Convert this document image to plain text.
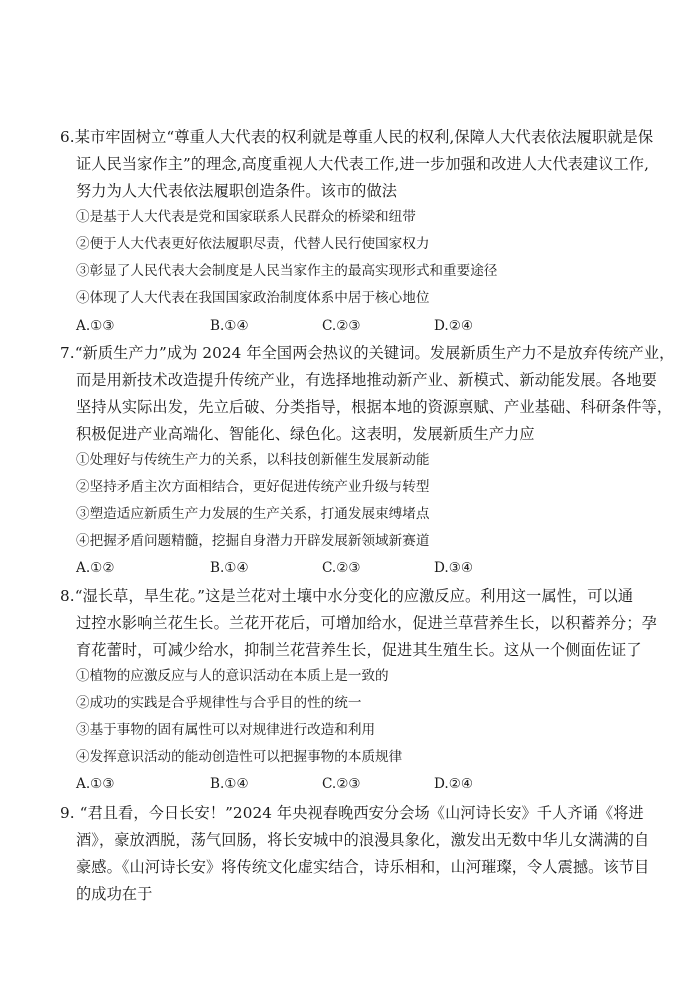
6.某市牢固树立“尊重人大代表的权利就是尊重人民的权利,保障人大代表依法履职就是保
证人民当家作主”的理念,高度重视人大代表工作,进一步加强和改进人大代表建议工作,
努力为人大代表依法履职创造条件。该市的做法
①是基于人大代表是党和国家联系人民群众的桥梁和纽带
②便于人大代表更好依法履职尽责，代替人民行使国家权力
③彰显了人民代表大会制度是人民当家作主的最高实现形式和重要途径
④体现了人大代表在我国国家政治制度体系中居于核心地位
A.①③	B.①④	C.②③	D.②④
7.“新质生产力”成为 2024 年全国两会热议的关键词。发展新质生产力不是放弃传统产业，
而是用新技术改造提升传统产业，有选择地推动新产业、新模式、新动能发展。各地要
坚持从实际出发，先立后破、分类指导，根据本地的资源禀赋、产业基础、科研条件等，
积极促进产业高端化、智能化、绿色化。这表明，发展新质生产力应
①处理好与传统生产力的关系，以科技创新催生发展新动能
②坚持矛盾主次方面相结合，更好促进传统产业升级与转型
③塑造适应新质生产力发展的生产关系，打通发展束缚堵点
④把握矛盾问题精髓，挖掘自身潜力开辟发展新领域新赛道
A.①②	B.①④	C.②③	D.③④
8.“湿长草，旱生花。”这是兰花对土壤中水分变化的应激反应。利用这一属性，可以通
过控水影响兰花生长。兰花开花后，可增加给水，促进兰草营养生长，以积蓄养分；孕
育花蕾时，可减少给水，抑制兰花营养生长，促进其生殖生长。这从一个侧面佐证了
①植物的应激反应与人的意识活动在本质上是一致的
②成功的实践是合乎规律性与合乎目的性的统一
③基于事物的固有属性可以对规律进行改造和利用
④发挥意识活动的能动创造性可以把握事物的本质规律
A.①③	B.①④	C.②③	D.②④
9. “君且看，今日长安！”2024 年央视春晚西安分会场《山河诗长安》千人齐诵《将进
酒》，豪放洒脱，荡气回肠，将长安城中的浪漫具象化，激发出无数中华儿女满满的自
豪感。《山河诗长安》将传统文化虚实结合，诗乐相和，山河璀璨，令人震撼。该节目
的成功在于
